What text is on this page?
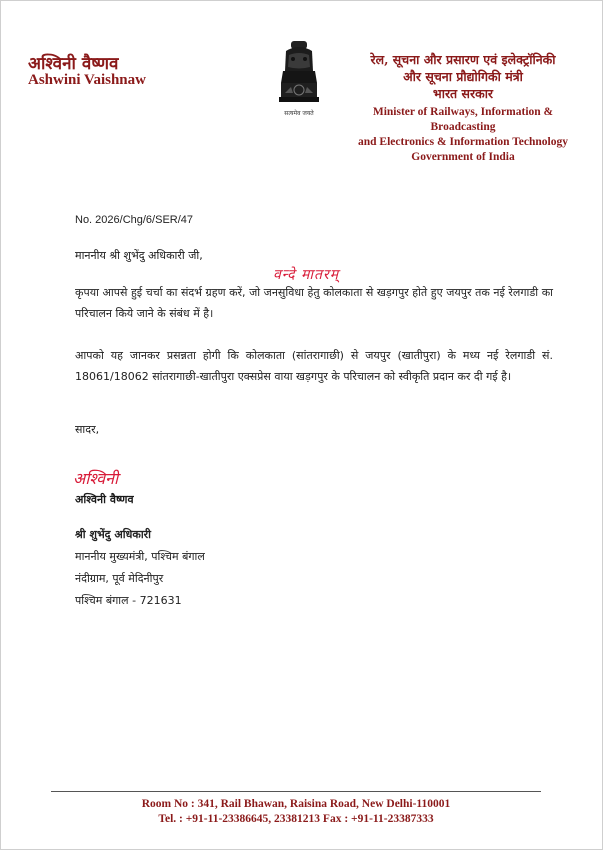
अश्विनी वैष्णव
Ashwini Vaishnaw
सत्यमेव जयते
रेल, सूचना और प्रसारण एवं इलेक्ट्रॉनिकी
और सूचना प्रौद्योगिकी मंत्री
भारत सरकार
Minister of Railways, Information & Broadcasting
and Electronics & Information Technology
Government of India
No. 2026/Chg/6/SER/47
माननीय श्री शुभेंदु अधिकारी जी,
वन्दे मातरम्
कृपया आपसे हुई चर्चा का संदर्भ ग्रहण करें, जो जनसुविधा हेतु कोलकाता से खड़गपुर होते हुए जयपुर तक नई रेलगाडी का परिचालन किये जाने के संबंध में है।
आपको यह जानकर प्रसन्नता होगी कि कोलकाता (सांतरागाछी) से जयपुर (खातीपुरा) के मध्य नई रेलगाडी सं. 18061/18062 सांतरागाछी-खातीपुरा एक्सप्रेस वाया खड़गपुर के परिचालन को स्वीकृति प्रदान कर दी गई है।
सादर,
अश्विनी
अश्विनी वैष्णव
श्री शुभेंदु अधिकारी
माननीय मुख्यमंत्री, पश्चिम बंगाल
नंदीग्राम, पूर्व मेदिनीपुर
पश्चिम बंगाल - 721631
Room No : 341, Rail Bhawan, Raisina Road, New Delhi-110001
Tel. : +91-11-23386645, 23381213 Fax : +91-11-23387333
